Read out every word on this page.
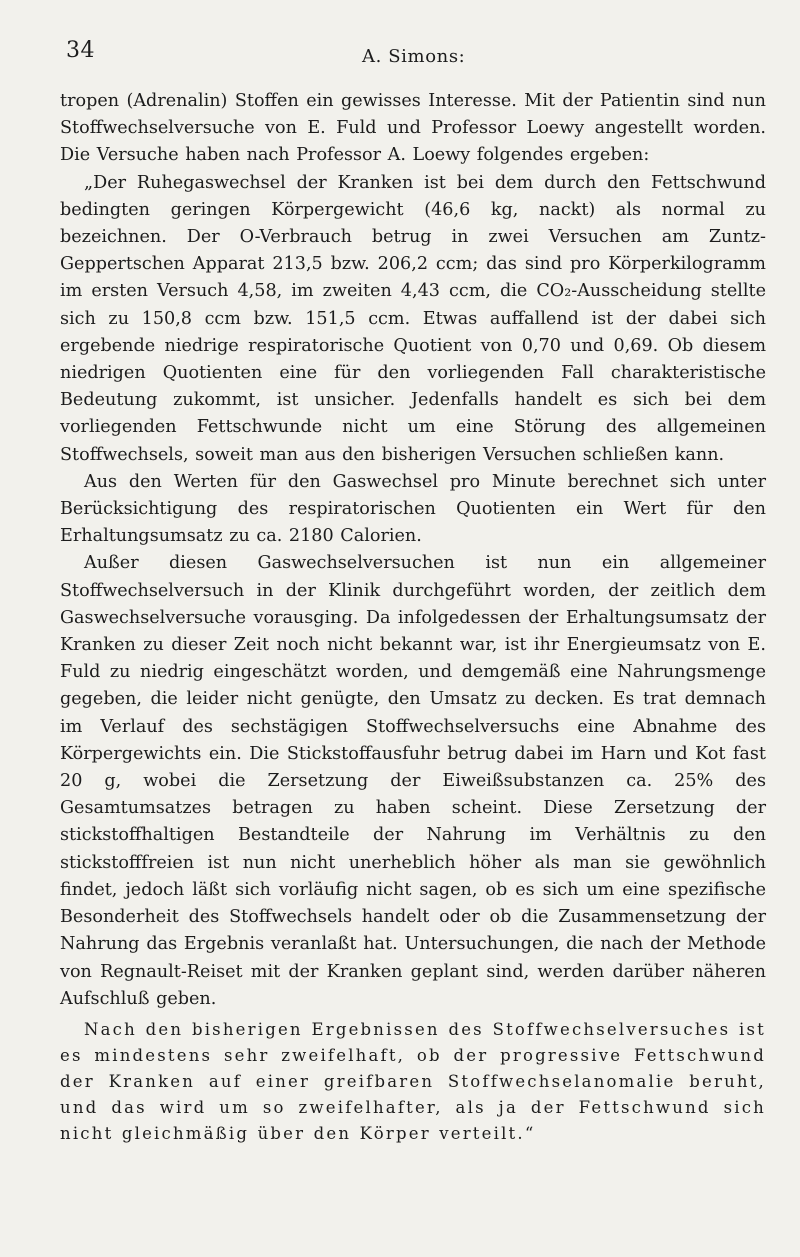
34	A. Simons:

tropen (Adrenalin) Stoffen ein gewisses Interesse. Mit der Patientin sind nun Stoffwechselversuche von E. Fuld und Professor Loewy angestellt worden. Die Versuche haben nach Professor A. Loewy folgendes ergeben:

„Der Ruhegaswechsel der Kranken ist bei dem durch den Fettschwund bedingten geringen Körpergewicht (46,6 kg, nackt) als normal zu bezeichnen. Der O-Verbrauch betrug in zwei Versuchen am Zuntz-Geppertschen Apparat 213,5 bzw. 206,2 ccm; das sind pro Körperkilogramm im ersten Versuch 4,58, im zweiten 4,43 ccm, die CO₂-Ausscheidung stellte sich zu 150,8 ccm bzw. 151,5 ccm. Etwas auffallend ist der dabei sich ergebende niedrige respiratorische Quotient von 0,70 und 0,69. Ob diesem niedrigen Quotienten eine für den vorliegenden Fall charakteristische Bedeutung zukommt, ist unsicher. Jedenfalls handelt es sich bei dem vorliegenden Fettschwunde nicht um eine Störung des allgemeinen Stoffwechsels, soweit man aus den bisherigen Versuchen schließen kann.

Aus den Werten für den Gaswechsel pro Minute berechnet sich unter Berücksichtigung des respiratorischen Quotienten ein Wert für den Erhaltungsumsatz zu ca. 2180 Calorien.

Außer diesen Gaswechselversuchen ist nun ein allgemeiner Stoffwechselversuch in der Klinik durchgeführt worden, der zeitlich dem Gaswechselversuche vorausging. Da infolgedessen der Erhaltungsumsatz der Kranken zu dieser Zeit noch nicht bekannt war, ist ihr Energieumsatz von E. Fuld zu niedrig eingeschätzt worden, und demgemäß eine Nahrungsmenge gegeben, die leider nicht genügte, den Umsatz zu decken. Es trat demnach im Verlauf des sechstägigen Stoffwechselversuchs eine Abnahme des Körpergewichts ein. Die Stickstoffausfuhr betrug dabei im Harn und Kot fast 20 g, wobei die Zersetzung der Eiweißsubstanzen ca. 25% des Gesamtumsatzes betragen zu haben scheint. Diese Zersetzung der stickstoffhaltigen Bestandteile der Nahrung im Verhältnis zu den stickstofffreien ist nun nicht unerheblich höher als man sie gewöhnlich findet, jedoch läßt sich vorläufig nicht sagen, ob es sich um eine spezifische Besonderheit des Stoffwechsels handelt oder ob die Zusammensetzung der Nahrung das Ergebnis veranlaßt hat. Untersuchungen, die nach der Methode von Regnault-Reiset mit der Kranken geplant sind, werden darüber näheren Aufschluß geben.

Nach den bisherigen Ergebnissen des Stoffwechselversuches ist es mindestens sehr zweifelhaft, ob der progressive Fettschwund der Kranken auf einer greifbaren Stoffwechselanomalie beruht, und das wird um so zweifelhafter, als ja der Fettschwund sich nicht gleichmäßig über den Körper verteilt.“
